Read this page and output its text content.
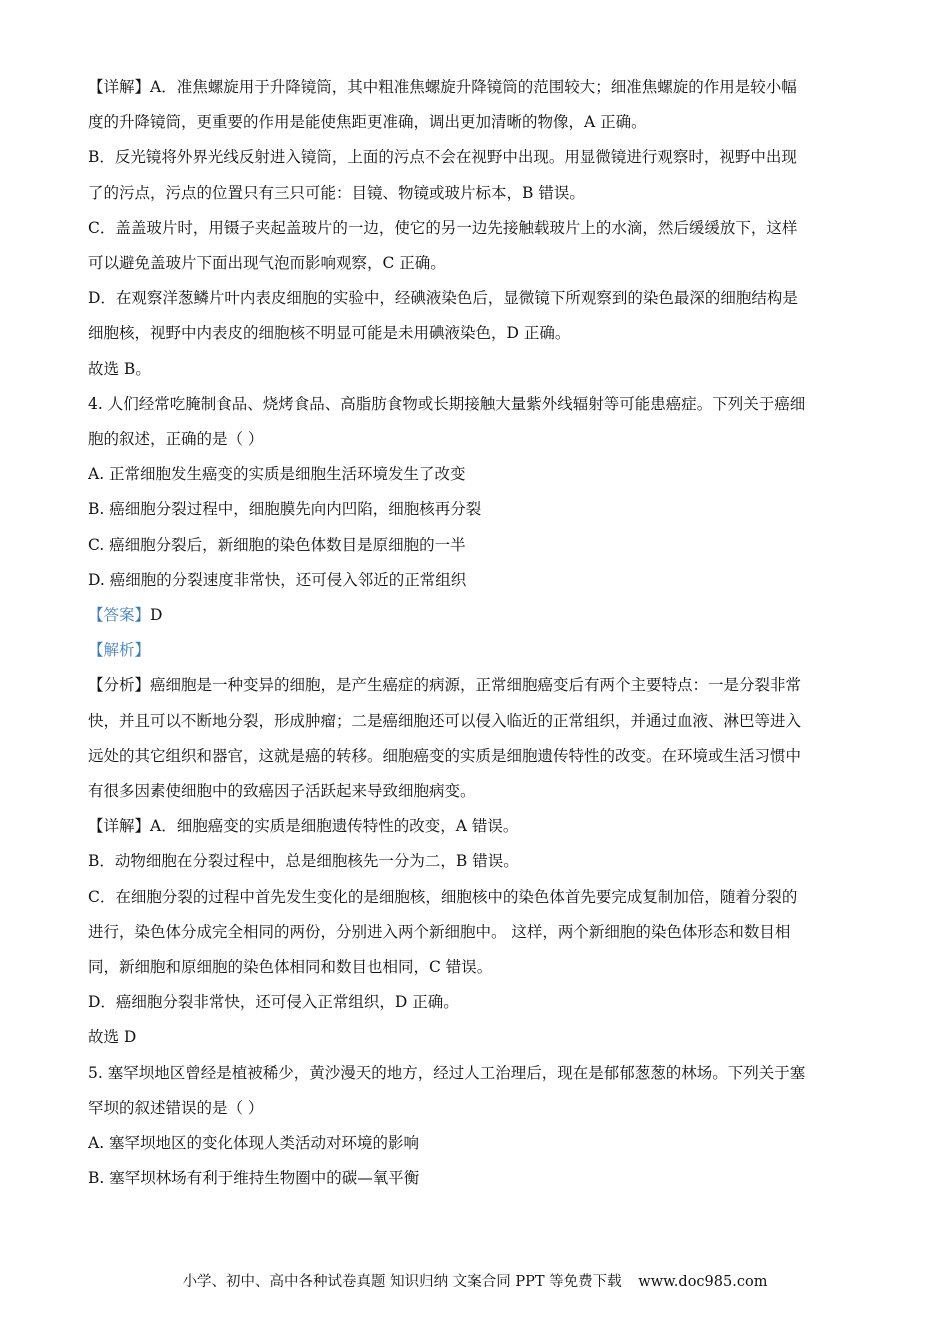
【详解】A．准焦螺旋用于升降镜筒，其中粗准焦螺旋升降镜筒的范围较大；细准焦螺旋的作用是较小幅
度的升降镜筒，更重要的作用是能使焦距更准确，调出更加清晰的物像，A 正确。
B．反光镜将外界光线反射进入镜筒，上面的污点不会在视野中出现。用显微镜进行观察时，视野中出现
了的污点，污点的位置只有三只可能：目镜、物镜或玻片标本，B 错误。
C．盖盖玻片时，用镊子夹起盖玻片的一边，使它的另一边先接触载玻片上的水滴，然后缓缓放下，这样
可以避免盖玻片下面出现气泡而影响观察，C 正确。
D．在观察洋葱鳞片叶内表皮细胞的实验中，经碘液染色后，显微镜下所观察到的染色最深的细胞结构是
细胞核，视野中内表皮的细胞核不明显可能是未用碘液染色，D 正确。
故选 B。
4. 人们经常吃腌制食品、烧烤食品、高脂肪食物或长期接触大量紫外线辐射等可能患癌症。下列关于癌细
胞的叙述，正确的是（ ）
A. 正常细胞发生癌变的实质是细胞生活环境发生了改变
B. 癌细胞分裂过程中，细胞膜先向内凹陷，细胞核再分裂
C. 癌细胞分裂后，新细胞的染色体数目是原细胞的一半
D. 癌细胞的分裂速度非常快，还可侵入邻近的正常组织
【答案】D
【解析】
【分析】癌细胞是一种变异的细胞，是产生癌症的病源，正常细胞癌变后有两个主要特点：一是分裂非常
快，并且可以不断地分裂，形成肿瘤；二是癌细胞还可以侵入临近的正常组织，并通过血液、淋巴等进入
远处的其它组织和器官，这就是癌的转移。细胞癌变的实质是细胞遗传特性的改变。在环境或生活习惯中
有很多因素使细胞中的致癌因子活跃起来导致细胞病变。
【详解】A．细胞癌变的实质是细胞遗传特性的改变，A 错误。
B．动物细胞在分裂过程中，总是细胞核先一分为二，B 错误。
C．在细胞分裂的过程中首先发生变化的是细胞核，细胞核中的染色体首先要完成复制加倍，随着分裂的
进行，染色体分成完全相同的两份，分别进入两个新细胞中。 这样，两个新细胞的染色体形态和数目相
同，新细胞和原细胞的染色体相同和数目也相同，C 错误。
D．癌细胞分裂非常快，还可侵入正常组织，D 正确。
故选 D
5. 塞罕坝地区曾经是植被稀少，黄沙漫天的地方，经过人工治理后，现在是郁郁葱葱的林场。下列关于塞
罕坝的叙述错误的是（ ）
A. 塞罕坝地区的变化体现人类活动对环境的影响
B. 塞罕坝林场有利于维持生物圈中的碳—氧平衡
小学、初中、高中各种试卷真题 知识归纳 文案合同 PPT 等免费下载 www.doc985.com
